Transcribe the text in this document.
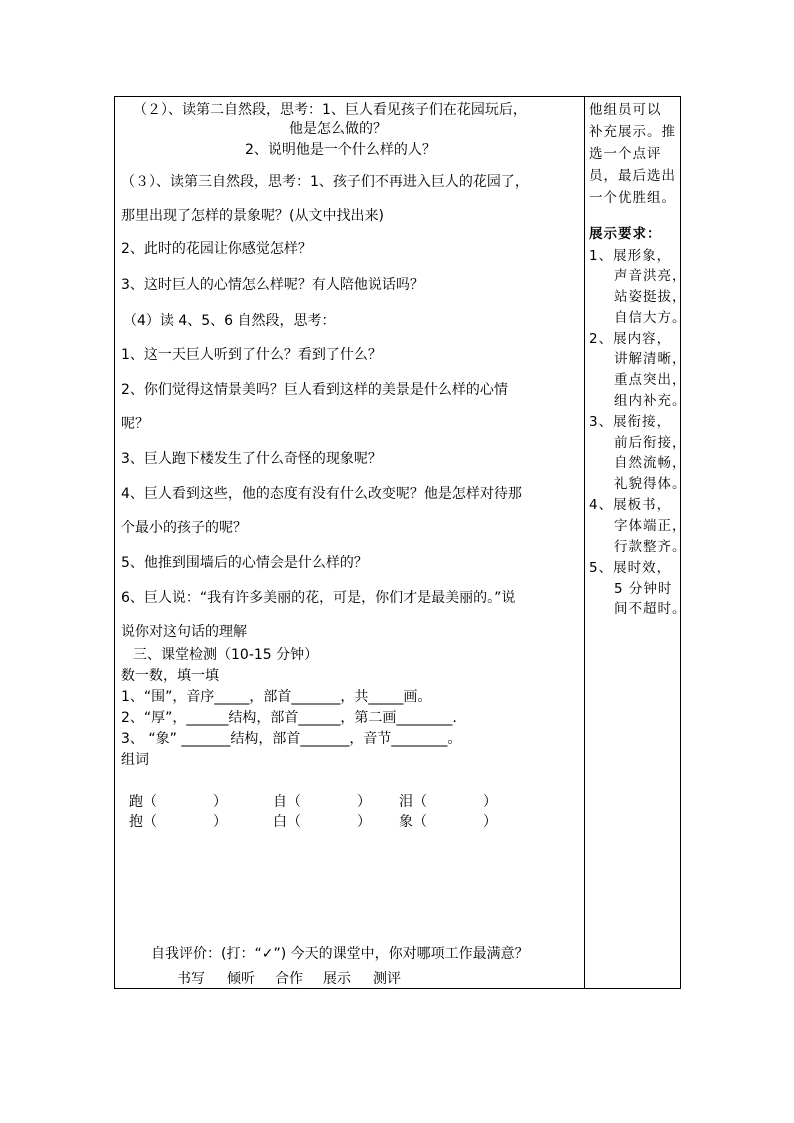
（２）、读第二自然段，思考：1、巨人看见孩子们在花园玩后，
他是怎么做的？
2、说明他是一个什么样的人？
（３）、读第三自然段，思考：1、孩子们不再进入巨人的花园了，
那里出现了怎样的景象呢？(从文中找出来)
2、此时的花园让你感觉怎样？
3、这时巨人的心情怎么样呢？有人陪他说话吗？
（4）读 4、5、6 自然段，思考：
1、这一天巨人听到了什么？看到了什么？
2、你们觉得这情景美吗？巨人看到这样的美景是什么样的心情
呢？
3、巨人跑下楼发生了什么奇怪的现象呢？
4、巨人看到这些，他的态度有没有什么改变呢？他是怎样对待那
个最小的孩子的呢？
5、他推到围墙后的心情会是什么样的？
6、巨人说：“我有许多美丽的花，可是，你们才是最美丽的。”说
说你对这句话的理解
三、课堂检测（10-15 分钟）
数一数，填一填
1、“围”，音序_____，部首_______，共_____画。
2、“厚”，______结构，部首______，第二画________.
3、 “象” _______结构，部首_______，音节________。
组词
跑（　　　　）	自（　　　　） 泪（　　　　）
抱（　　　　）	白（　　　　） 象（　　　　）
自我评价：(打：“✓”) 今天的课堂中，你对哪项工作最满意？
书写 倾听 合作 展示 测评
他组员可以
补充展示。推
选一个点评
员，最后选出
一个优胜组。
展示要求：
1、展形象，
声音洪亮，
站姿挺拔，
自信大方。
2、展内容，
讲解清晰，
重点突出，
组内补充。
3、展衔接，
前后衔接，
自然流畅，
礼貌得体。
4、展板书，
字体端正，
行款整齐。
5、展时效，
5 分钟时
间不超时。
